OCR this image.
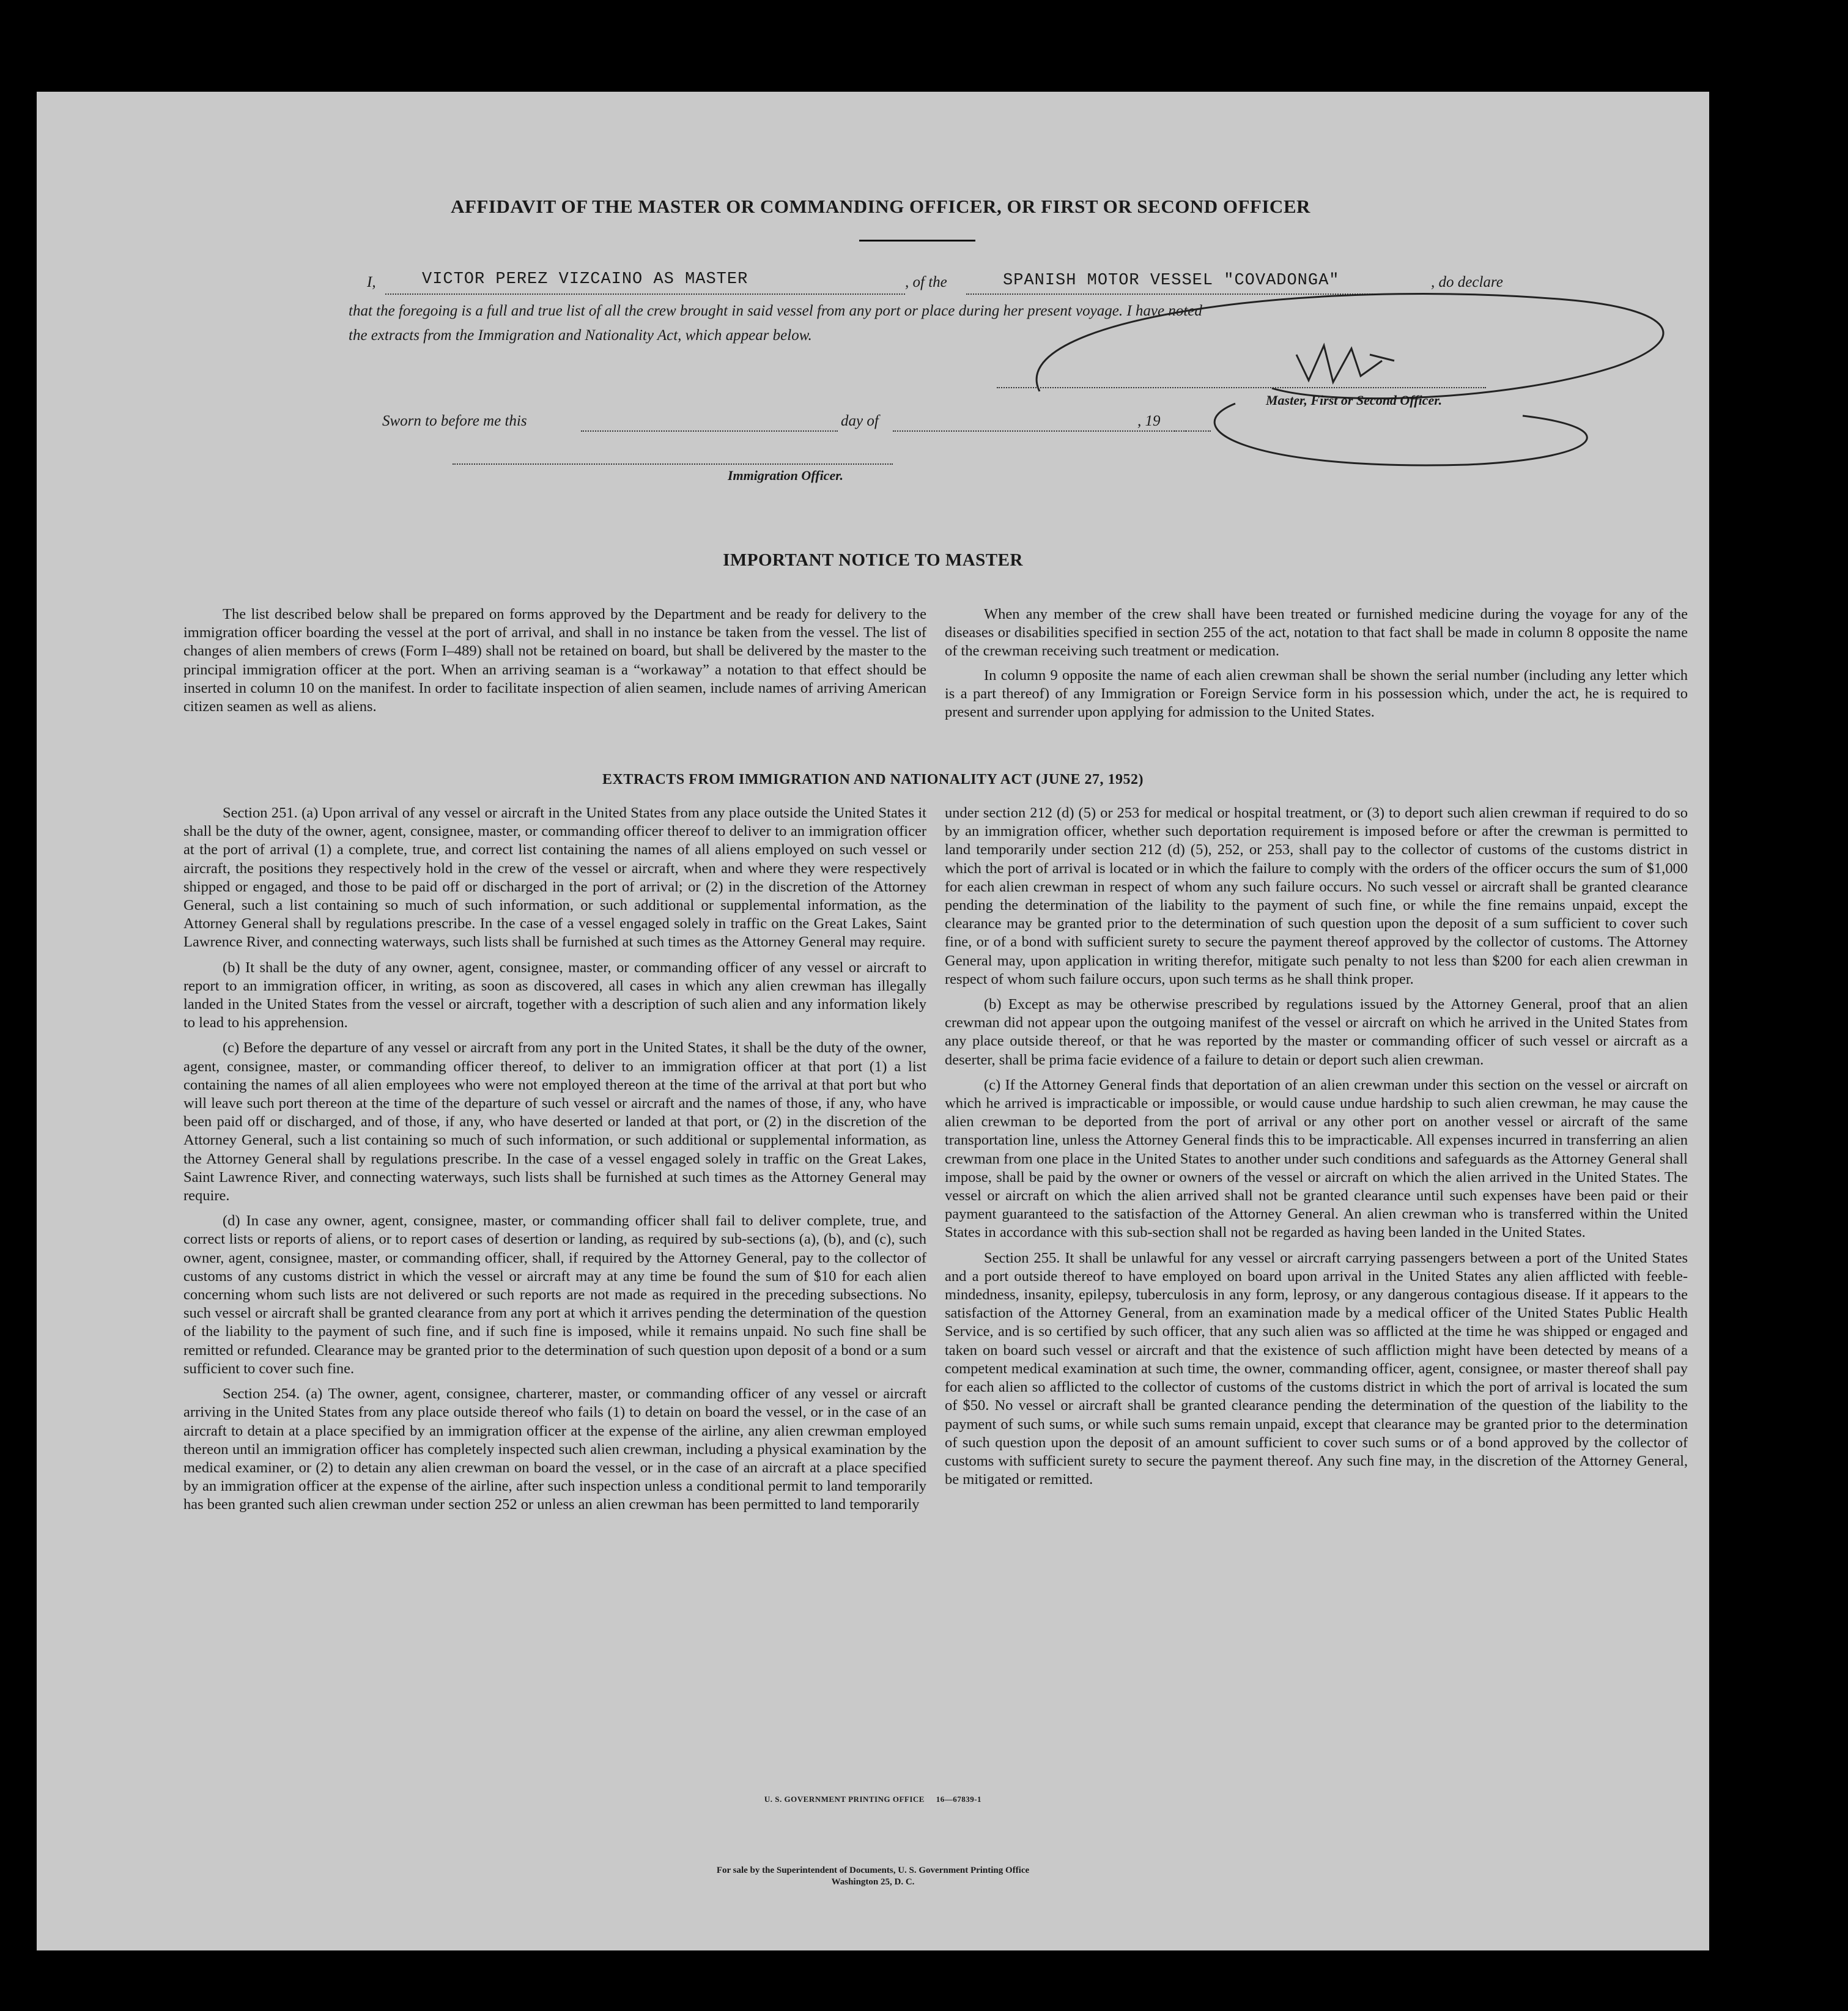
AFFIDAVIT OF THE MASTER OR COMMANDING OFFICER, OR FIRST OR SECOND OFFICER
I,	VICTOR PEREZ VIZCAINO AS MASTER	, of the	SPANISH MOTOR VESSEL "COVADONGA"	, do declare
that the foregoing is a full and true list of all the crew brought in said vessel from any port or place during her present voyage. I have noted
the extracts from the Immigration and Nationality Act, which appear below.
Master, First or Second Officer.
Sworn to before me this	day of	, 19
Immigration Officer.
IMPORTANT NOTICE TO MASTER

The list described below shall be prepared on forms approved by the Department and be ready for delivery to the immigration officer boarding the vessel at the port of arrival, and shall in no instance be taken from the vessel. The list of changes of alien members of crews (Form I–489) shall not be retained on board, but shall be delivered by the master to the principal immigration officer at the port. When an arriving seaman is a “workaway” a notation to that effect should be inserted in column 10 on the manifest. In order to facilitate inspection of alien seamen, include names of arriving American citizen seamen as well as aliens.

When any member of the crew shall have been treated or furnished medicine during the voyage for any of the diseases or disabilities specified in section 255 of the act, notation to that fact shall be made in column 8 opposite the name of the crewman receiving such treatment or medication.

In column 9 opposite the name of each alien crewman shall be shown the serial number (including any letter which is a part thereof) of any Immigration or Foreign Service form in his possession which, under the act, he is required to present and surrender upon applying for admission to the United States.

EXTRACTS FROM IMMIGRATION AND NATIONALITY ACT (JUNE 27, 1952)

Section 251. (a) Upon arrival of any vessel or aircraft in the United States from any place outside the United States it shall be the duty of the owner, agent, consignee, master, or commanding officer thereof to deliver to an immigration officer at the port of arrival (1) a complete, true, and correct list containing the names of all aliens employed on such vessel or aircraft, the positions they respectively hold in the crew of the vessel or aircraft, when and where they were respectively shipped or engaged, and those to be paid off or discharged in the port of arrival; or (2) in the discretion of the Attorney General, such a list containing so much of such information, or such additional or supplemental information, as the Attorney General shall by regulations prescribe. In the case of a vessel engaged solely in traffic on the Great Lakes, Saint Lawrence River, and connecting waterways, such lists shall be furnished at such times as the Attorney General may require.

(b) It shall be the duty of any owner, agent, consignee, master, or commanding officer of any vessel or aircraft to report to an immigration officer, in writing, as soon as discovered, all cases in which any alien crewman has illegally landed in the United States from the vessel or aircraft, together with a description of such alien and any information likely to lead to his apprehension.

(c) Before the departure of any vessel or aircraft from any port in the United States, it shall be the duty of the owner, agent, consignee, master, or commanding officer thereof, to deliver to an immigration officer at that port (1) a list containing the names of all alien employees who were not employed thereon at the time of the arrival at that port but who will leave such port thereon at the time of the departure of such vessel or aircraft and the names of those, if any, who have been paid off or discharged, and of those, if any, who have deserted or landed at that port, or (2) in the discretion of the Attorney General, such a list containing so much of such information, or such additional or supplemental information, as the Attorney General shall by regulations prescribe. In the case of a vessel engaged solely in traffic on the Great Lakes, Saint Lawrence River, and connecting waterways, such lists shall be furnished at such times as the Attorney General may require.

(d) In case any owner, agent, consignee, master, or commanding officer shall fail to deliver complete, true, and correct lists or reports of aliens, or to report cases of desertion or landing, as required by sub-sections (a), (b), and (c), such owner, agent, consignee, master, or commanding officer, shall, if required by the Attorney General, pay to the collector of customs of any customs district in which the vessel or aircraft may at any time be found the sum of $10 for each alien concerning whom such lists are not delivered or such reports are not made as required in the preceding subsections. No such vessel or aircraft shall be granted clearance from any port at which it arrives pending the determination of the question of the liability to the payment of such fine, and if such fine is imposed, while it remains unpaid. No such fine shall be remitted or refunded. Clearance may be granted prior to the determination of such question upon deposit of a bond or a sum sufficient to cover such fine.

Section 254. (a) The owner, agent, consignee, charterer, master, or commanding officer of any vessel or aircraft arriving in the United States from any place outside thereof who fails (1) to detain on board the vessel, or in the case of an aircraft to detain at a place specified by an immigration officer at the expense of the airline, any alien crewman employed thereon until an immigration officer has completely inspected such alien crewman, including a physical examination by the medical examiner, or (2) to detain any alien crewman on board the vessel, or in the case of an aircraft at a place specified by an immigration officer at the expense of the airline, after such inspection unless a conditional permit to land temporarily has been granted such alien crewman under section 252 or unless an alien crewman has been permitted to land temporarily

under section 212 (d) (5) or 253 for medical or hospital treatment, or (3) to deport such alien crewman if required to do so by an immigration officer, whether such deportation requirement is imposed before or after the crewman is permitted to land temporarily under section 212 (d) (5), 252, or 253, shall pay to the collector of customs of the customs district in which the port of arrival is located or in which the failure to comply with the orders of the officer occurs the sum of $1,000 for each alien crewman in respect of whom any such failure occurs. No such vessel or aircraft shall be granted clearance pending the determination of the liability to the payment of such fine, or while the fine remains unpaid, except the clearance may be granted prior to the determination of such question upon the deposit of a sum sufficient to cover such fine, or of a bond with sufficient surety to secure the payment thereof approved by the collector of customs. The Attorney General may, upon application in writing therefor, mitigate such penalty to not less than $200 for each alien crewman in respect of whom such failure occurs, upon such terms as he shall think proper.

(b) Except as may be otherwise prescribed by regulations issued by the Attorney General, proof that an alien crewman did not appear upon the outgoing manifest of the vessel or aircraft on which he arrived in the United States from any place outside thereof, or that he was reported by the master or commanding officer of such vessel or aircraft as a deserter, shall be prima facie evidence of a failure to detain or deport such alien crewman.

(c) If the Attorney General finds that deportation of an alien crewman under this section on the vessel or aircraft on which he arrived is impracticable or impossible, or would cause undue hardship to such alien crewman, he may cause the alien crewman to be deported from the port of arrival or any other port on another vessel or aircraft of the same transportation line, unless the Attorney General finds this to be impracticable. All expenses incurred in transferring an alien crewman from one place in the United States to another under such conditions and safeguards as the Attorney General shall impose, shall be paid by the owner or owners of the vessel or aircraft on which the alien arrived in the United States. The vessel or aircraft on which the alien arrived shall not be granted clearance until such expenses have been paid or their payment guaranteed to the satisfaction of the Attorney General. An alien crewman who is transferred within the United States in accordance with this sub-section shall not be regarded as having been landed in the United States.

Section 255. It shall be unlawful for any vessel or aircraft carrying passengers between a port of the United States and a port outside thereof to have employed on board upon arrival in the United States any alien afflicted with feeble-mindedness, insanity, epilepsy, tuberculosis in any form, leprosy, or any dangerous contagious disease. If it appears to the satisfaction of the Attorney General, from an examination made by a medical officer of the United States Public Health Service, and is so certified by such officer, that any such alien was so afflicted at the time he was shipped or engaged and taken on board such vessel or aircraft and that the existence of such affliction might have been detected by means of a competent medical examination at such time, the owner, commanding officer, agent, consignee, or master thereof shall pay for each alien so afflicted to the collector of customs of the customs district in which the port of arrival is located the sum of $50. No vessel or aircraft shall be granted clearance pending the determination of the question of the liability to the payment of such sums, or while such sums remain unpaid, except that clearance may be granted prior to the determination of such question upon the deposit of an amount sufficient to cover such sums or of a bond approved by the collector of customs with sufficient surety to secure the payment thereof. Any such fine may, in the discretion of the Attorney General, be mitigated or remitted.

U. S. GOVERNMENT PRINTING OFFICE     16—67839-1
For sale by the Superintendent of Documents, U. S. Government Printing Office
Washington 25, D. C.
